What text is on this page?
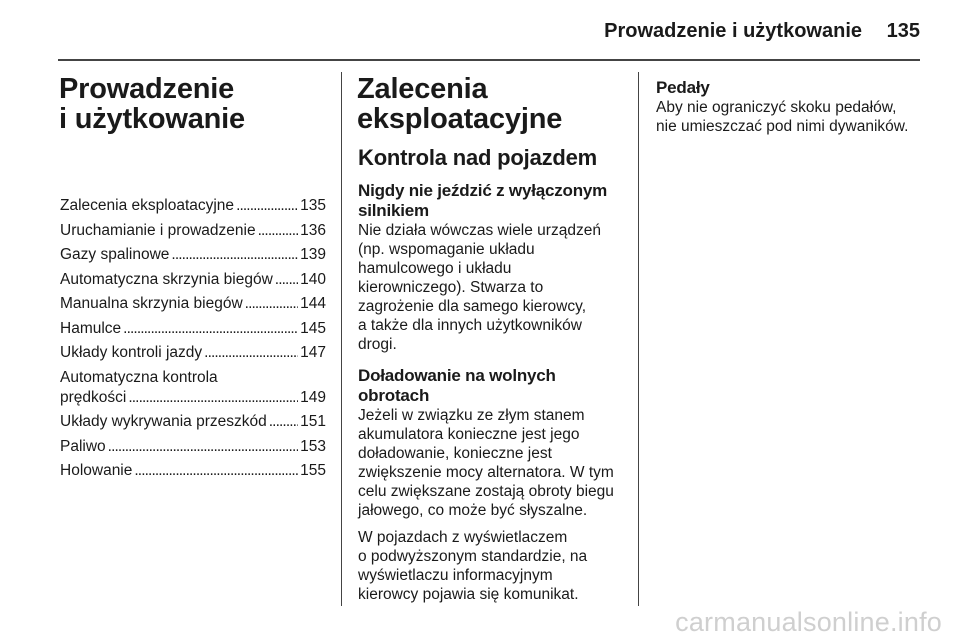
Prowadzenie i użytkowanie 135
Prowadzenie
i użytkowanie
Zalecenia eksploatacyjne . . .	135
Uruchamianie i prowadzenie . . .	136
Gazy spalinowe . . .	139
Automatyczna skrzynia biegów . . . 140
Manualna skrzynia biegów . . .	144
Hamulce . . .	145
Układy kontroli jazdy . . .	147
Automatyczna kontrola
prędkości . . .	149
Układy wykrywania przeszkód . . . 151
Paliwo . . .	153
Holowanie . . .	155
Zalecenia
eksploatacyjne
Kontrola nad pojazdem
Nigdy nie jeździć z wyłączonym silnikiem
Nie działa wówczas wiele urządzeń
(np. wspomaganie układu
hamulcowego i układu
kierowniczego). Stwarza to
zagrożenie dla samego kierowcy,
a także dla innych użytkowników
drogi.
Doładowanie na wolnych obrotach
Jeżeli w związku ze złym stanem
akumulatora konieczne jest jego
doładowanie, konieczne jest
zwiększenie mocy alternatora. W tym
celu zwiększane zostają obroty biegu
jałowego, co może być słyszalne.
W pojazdach z wyświetlaczem
o podwyższonym standardzie, na
wyświetlaczu informacyjnym
kierowcy pojawia się komunikat.
Pedały
Aby nie ograniczyć skoku pedałów,
nie umieszczać pod nimi dywaników.
carmanualsonline.info
